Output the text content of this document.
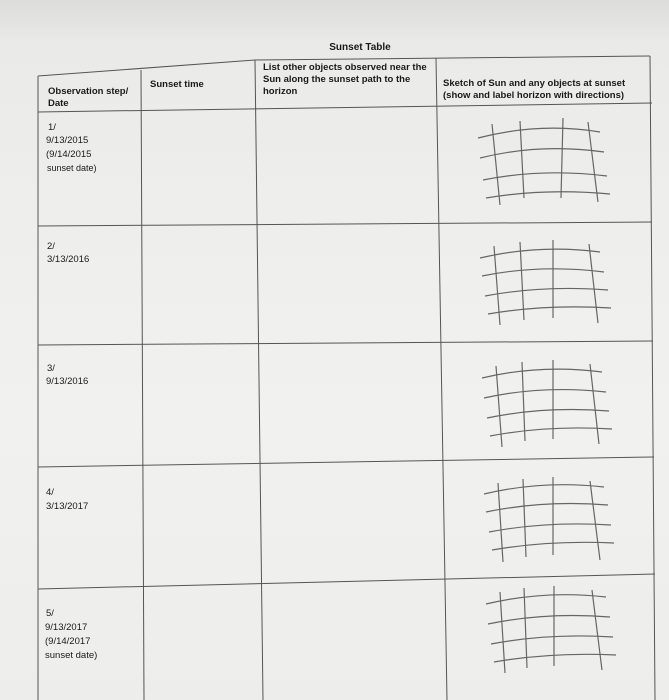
Sunset Table
Observation step/ Date
Sunset time
List other objects observed near the Sun along the sunset path to the horizon
Sketch of Sun and any objects at sunset (show and label horizon with directions)
1/
9/13/2015
(9/14/2015
sunset date)
2/
3/13/2016
3/
9/13/2016
4/
3/13/2017
5/
9/13/2017
(9/14/2017
sunset date)
